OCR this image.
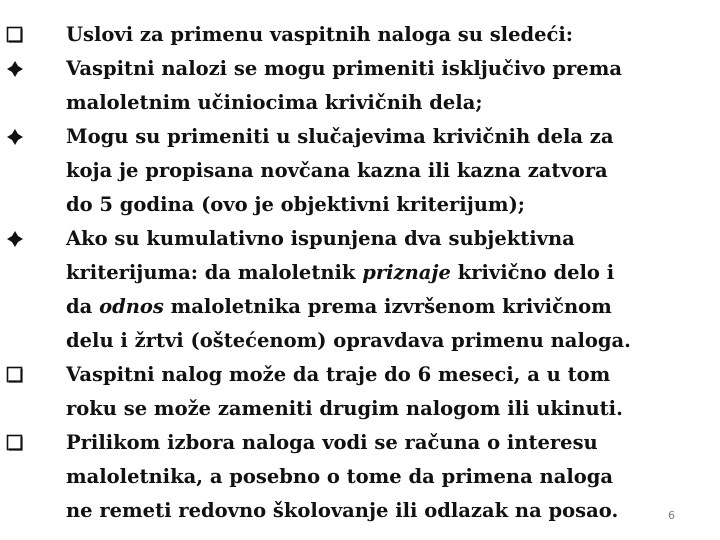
Uslovi za primenu vaspitnih naloga su sledeći:
Vaspitni nalozi se mogu primeniti isključivo prema
maloletnim učiniocima krivičnih dela;
Mogu su primeniti u slučajevima krivičnih dela za
koja je propisana novčana kazna ili kazna zatvora
do 5 godina (ovo je objektivni kriterijum);
Ako su kumulativno ispunjena dva subjektivna
kriterijuma: da maloletnik priznaje krivično delo i
da odnos maloletnika prema izvršenom krivičnom
delu i žrtvi (oštećenom) opravdava primenu naloga.
Vaspitni nalog može da traje do 6 meseci, a u tom
roku se može zameniti drugim nalogom ili ukinuti.
Prilikom izbora naloga vodi se računa o interesu
maloletnika, a posebno o tome da primena naloga
ne remeti redovno školovanje ili odlazak na posao.	6
